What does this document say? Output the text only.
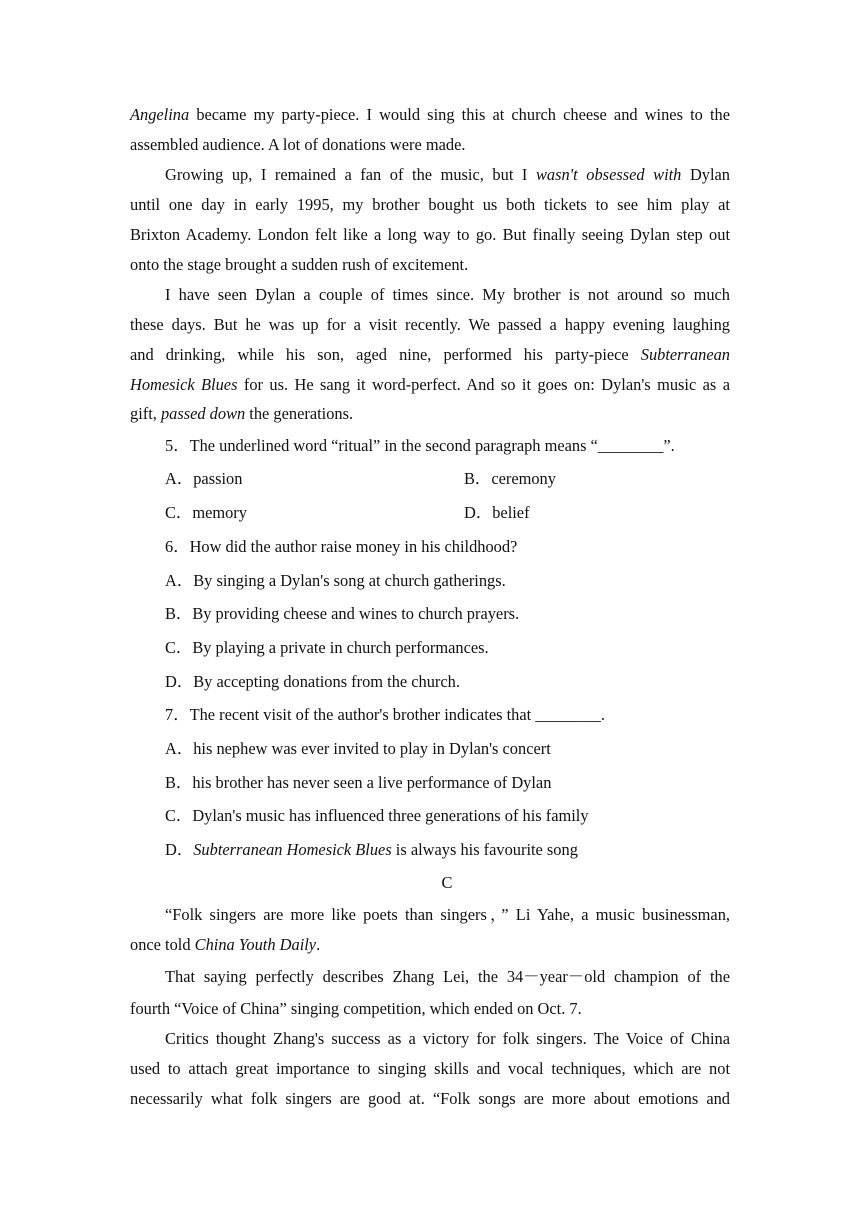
Angelina became my party-piece. I would sing this at church cheese and wines to the
assembled audience. A lot of donations were made.
Growing up, I remained a fan of the music, but I wasn't obsessed with Dylan
until one day in early 1995, my brother bought us both tickets to see him play at
Brixton Academy. London felt like a long way to go. But finally seeing Dylan step out
onto the stage brought a sudden rush of excitement.
I have seen Dylan a couple of times since. My brother is not around so much
these days. But he was up for a visit recently. We passed a happy evening laughing
and drinking, while his son, aged nine, performed his party-piece Subterranean
Homesick Blues for us. He sang it word-perfect. And so it goes on: Dylan's music as a
gift, passed down the generations.
5．The underlined word “ritual” in the second paragraph means “________”.
A．passion	B．ceremony
C．memory	D．belief
6．How did the author raise money in his childhood?
A．By singing a Dylan's song at church gatherings.
B．By providing cheese and wines to church prayers.
C．By playing a private in church performances.
D．By accepting donations from the church.
7．The recent visit of the author's brother indicates that ________.
A．his nephew was ever invited to play in Dylan's concert
B．his brother has never seen a live performance of Dylan
C．Dylan's music has influenced three generations of his family
D．Subterranean Homesick Blues is always his favourite song
C
“Folk singers are more like poets than singers，” Li Yahe, a music businessman,
once told China Youth Daily.
That saying perfectly describes Zhang Lei, the 34－year－old champion of the
fourth “Voice of China” singing competition, which ended on Oct. 7.
Critics thought Zhang's success as a victory for folk singers. The Voice of China
used to attach great importance to singing skills and vocal techniques, which are not
necessarily what folk singers are good at. “Folk songs are more about emotions and
